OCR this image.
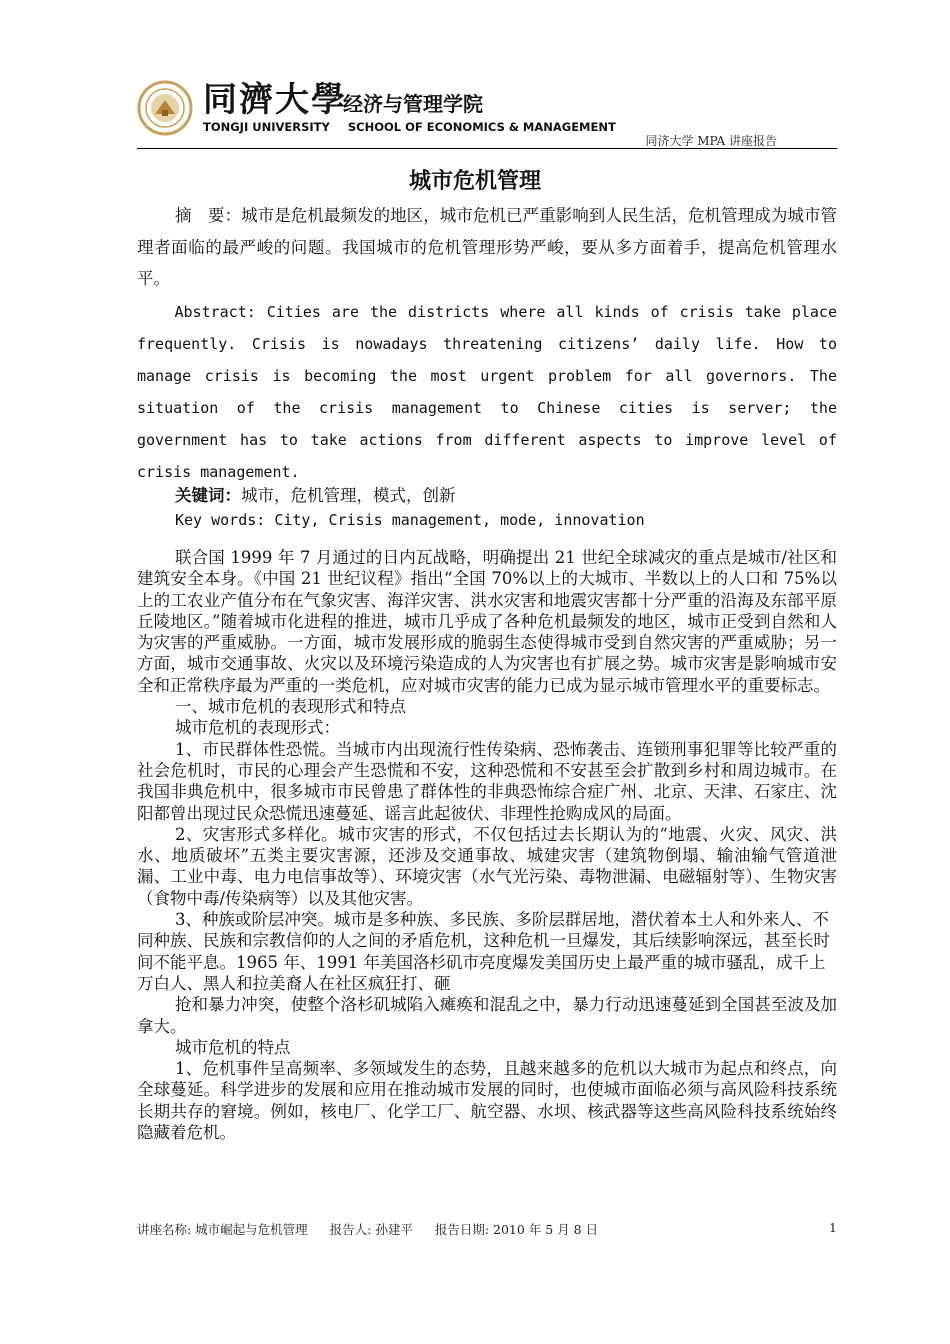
同濟大學
经济与管理学院
TONGJI UNIVERSITY SCHOOL OF ECONOMICS & MANAGEMENT
同济大学 MPA 讲座报告
城市危机管理
摘　要：城市是危机最频发的地区，城市危机已严重影响到人民生活，危机管理成为城市管理者面临的最严峻的问题。我国城市的危机管理形势严峻，要从多方面着手，提高危机管理水平。
Abstract: Cities are the districts where all kinds of crisis take place frequently. Crisis is nowadays threatening citizens’ daily life. How to manage crisis is becoming the most urgent problem for all governors. The situation of the crisis management to Chinese cities is server; the government has to take actions from different aspects to improve level of crisis management.
关键词：城市，危机管理，模式，创新
Key words: City, Crisis management, mode, innovation

联合国 1999 年 7 月通过的日内瓦战略，明确提出 21 世纪全球减灾的重点是城市/社区和建筑安全本身。《中国 21 世纪议程》指出“全国 70%以上的大城市、半数以上的人口和 75%以上的工农业产值分布在气象灾害、海洋灾害、洪水灾害和地震灾害都十分严重的沿海及东部平原丘陵地区。”随着城市化进程的推进，城市几乎成了各种危机最频发的地区，城市正受到自然和人为灾害的严重威胁。一方面，城市发展形成的脆弱生态使得城市受到自然灾害的严重威胁；另一方面，城市交通事故、火灾以及环境污染造成的人为灾害也有扩展之势。城市灾害是影响城市安全和正常秩序最为严重的一类危机，应对城市灾害的能力已成为显示城市管理水平的重要标志。

一、城市危机的表现形式和特点

城市危机的表现形式：

1、市民群体性恐慌。当城市内出现流行性传染病、恐怖袭击、连锁刑事犯罪等比较严重的社会危机时，市民的心理会产生恐慌和不安，这种恐慌和不安甚至会扩散到乡村和周边城市。在我国非典危机中，很多城市市民曾患了群体性的非典恐怖综合症广州、北京、天津、石家庄、沈阳都曾出现过民众恐慌迅速蔓延、谣言此起彼伏、非理性抢购成风的局面。

2、灾害形式多样化。城市灾害的形式，不仅包括过去长期认为的“地震、火灾、风灾、洪水、地质破坏”五类主要灾害源，还涉及交通事故、城建灾害（建筑物倒塌、输油输气管道泄漏、工业中毒、电力电信事故等）、环境灾害（水气光污染、毒物泄漏、电磁辐射等）、生物灾害（食物中毒/传染病等）以及其他灾害。

3、种族或阶层冲突。城市是多种族、多民族、多阶层群居地，潜伏着本土人和外来人、不同种族、民族和宗教信仰的人之间的矛盾危机，这种危机一旦爆发，其后续影响深远，甚至长时间不能平息。1965 年、1991 年美国洛杉矶市亮度爆发美国历史上最严重的城市骚乱，成千上万白人、黑人和拉美裔人在社区疯狂打、砸

抢和暴力冲突，使整个洛杉矶城陷入瘫痪和混乱之中，暴力行动迅速蔓延到全国甚至波及加拿大。

城市危机的特点

1、危机事件呈高频率、多领域发生的态势，且越来越多的危机以大城市为起点和终点，向全球蔓延。科学进步的发展和应用在推动城市发展的同时，也使城市面临必须与高风险科技系统长期共存的窘境。例如，核电厂、化学工厂、航空器、水坝、核武器等这些高风险科技系统始终隐藏着危机。

讲座名称: 城市崛起与危机管理 报告人: 孙建平 报告日期: 2010 年 5 月 8 日	1
